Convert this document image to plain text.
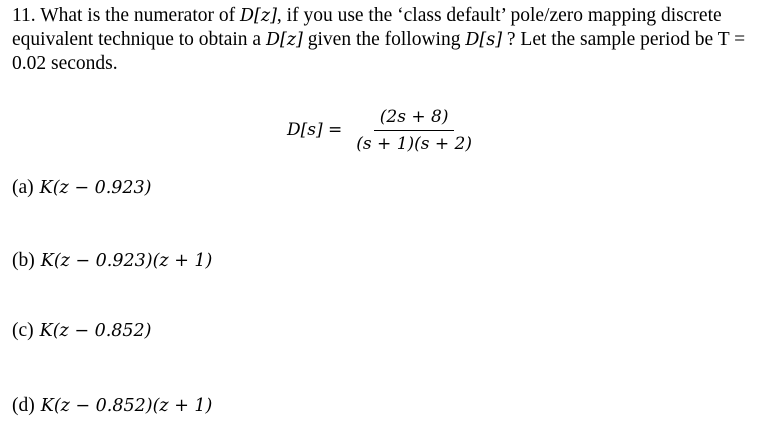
11. What is the numerator of D[z], if you use the ‘class default’ pole/zero mapping discrete equivalent technique to obtain a D[z] given the following D[s] ? Let the sample period be T = 0.02 seconds.
$D[s] = \frac{(2s + 8)}{(s + 1)(s + 2)}$
(a) K(z − 0.923)
(b) K(z − 0.923)(z + 1)
(c) K(z − 0.852)
(d) K(z − 0.852)(z + 1)
